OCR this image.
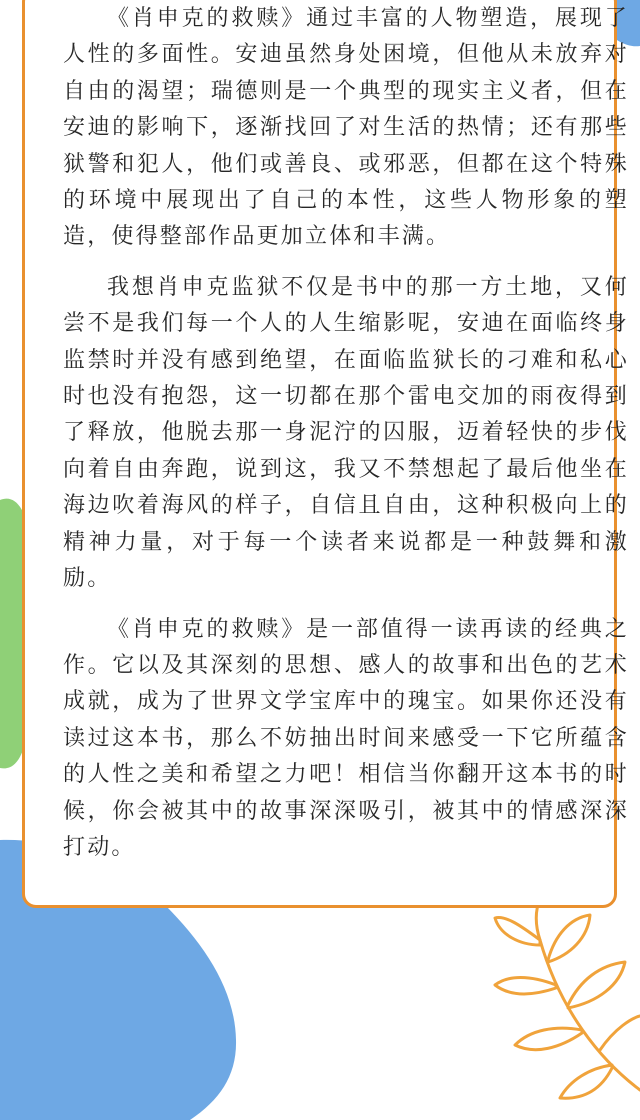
《肖申克的救赎》通过丰富的人物塑造，展现了人性的多面性。安迪虽然身处困境，但他从未放弃对自由的渴望；瑞德则是一个典型的现实主义者，但在安迪的影响下，逐渐找回了对生活的热情；还有那些狱警和犯人，他们或善良、或邪恶，但都在这个特殊的环境中展现出了自己的本性，这些人物形象的塑造，使得整部作品更加立体和丰满。

我想肖申克监狱不仅是书中的那一方土地，又何尝不是我们每一个人的人生缩影呢，安迪在面临终身监禁时并没有感到绝望，在面临监狱长的刁难和私心时也没有抱怨，这一切都在那个雷电交加的雨夜得到了释放，他脱去那一身泥泞的囚服，迈着轻快的步伐向着自由奔跑，说到这，我又不禁想起了最后他坐在海边吹着海风的样子，自信且自由，这种积极向上的精神力量，对于每一个读者来说都是一种鼓舞和激励。

《肖申克的救赎》是一部值得一读再读的经典之作。它以及其深刻的思想、感人的故事和出色的艺术成就，成为了世界文学宝库中的瑰宝。如果你还没有读过这本书，那么不妨抽出时间来感受一下它所蕴含的人性之美和希望之力吧！相信当你翻开这本书的时候，你会被其中的故事深深吸引，被其中的情感深深打动。
